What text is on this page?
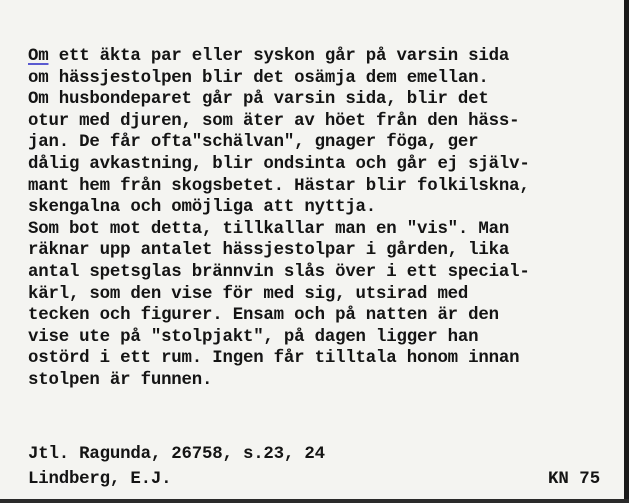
Om ett äkta par eller syskon går på varsin sida
om hässjestolpen blir det osämja dem emellan.
Om husbondeparet går på varsin sida, blir det
otur med djuren, som äter av höet från den häss-
jan. De får ofta"schälvan", gnager föga, ger
dålig avkastning, blir ondsinta och går ej själv-
mant hem från skogsbetet. Hästar blir folkilskna,
skengalna och omöjliga att nyttja.
Som bot mot detta, tillkallar man en "vis". Man
räknar upp antalet hässjestolpar i gården, lika
antal spetsglas brännvin slås över i ett special-
kärl, som den vise för med sig, utsirad med
tecken och figurer. Ensam och på natten är den
vise ute på "stolpjakt", på dagen ligger han
ostörd i ett rum. Ingen får tilltala honom innan
stolpen är funnen.
Jtl. Ragunda, 26758, s.23, 24
Lindberg, E.J.	KN 75
